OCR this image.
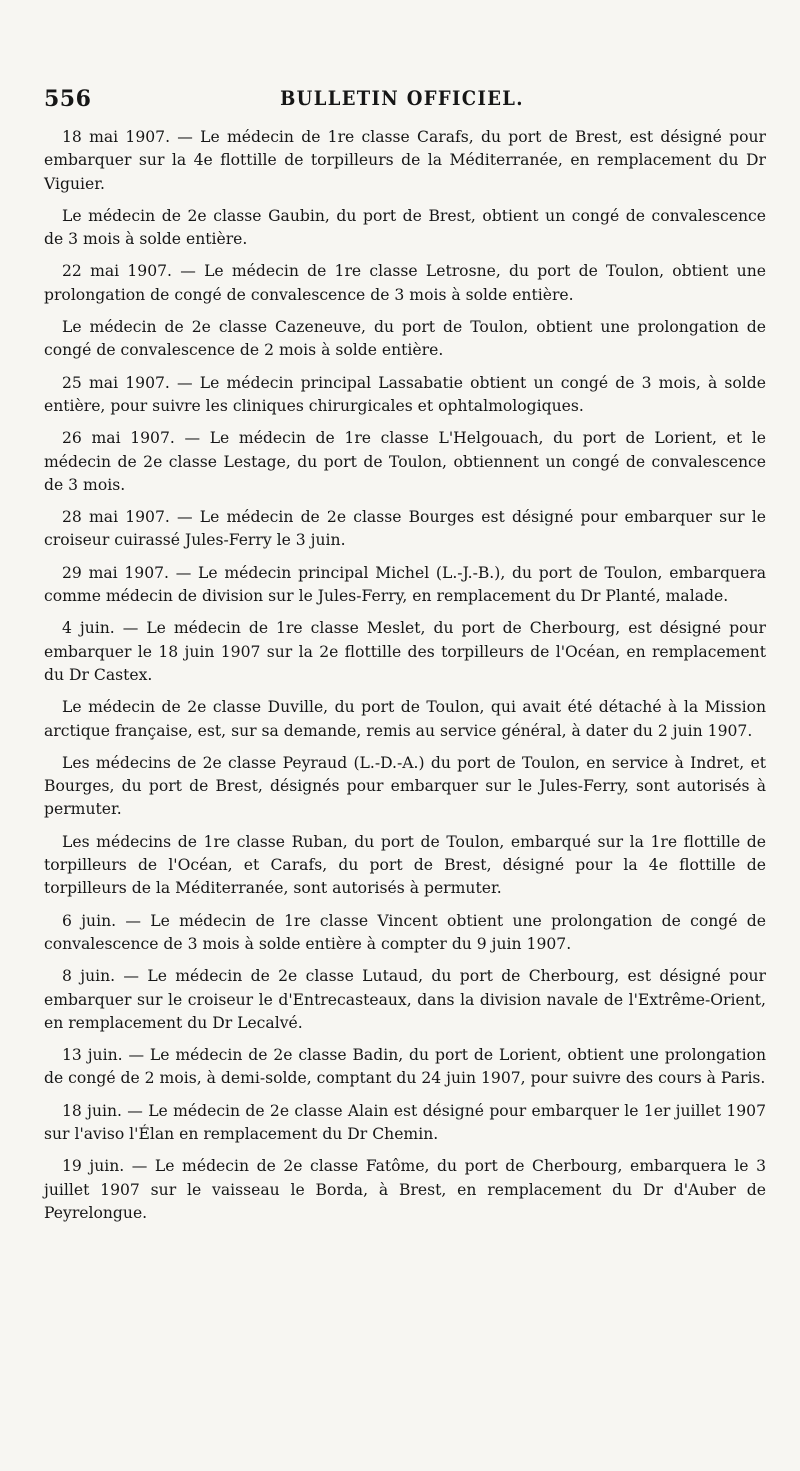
556	BULLETIN OFFICIEL.

18 mai 1907. — Le médecin de 1re classe Carafs, du port de Brest, est désigné pour embarquer sur la 4e flottille de torpilleurs de la Méditerranée, en remplacement du Dr Viguier.

Le médecin de 2e classe Gaubin, du port de Brest, obtient un congé de convalescence de 3 mois à solde entière.

22 mai 1907. — Le médecin de 1re classe Letrosne, du port de Toulon, obtient une prolongation de congé de convalescence de 3 mois à solde entière.

Le médecin de 2e classe Cazeneuve, du port de Toulon, obtient une prolongation de congé de convalescence de 2 mois à solde entière.

25 mai 1907. — Le médecin principal Lassabatie obtient un congé de 3 mois, à solde entière, pour suivre les cliniques chirurgicales et ophtalmologiques.

26 mai 1907. — Le médecin de 1re classe L'Helgouach, du port de Lorient, et le médecin de 2e classe Lestage, du port de Toulon, obtiennent un congé de convalescence de 3 mois.

28 mai 1907. — Le médecin de 2e classe Bourges est désigné pour embarquer sur le croiseur cuirassé Jules-Ferry le 3 juin.

29 mai 1907. — Le médecin principal Michel (L.-J.-B.), du port de Toulon, embarquera comme médecin de division sur le Jules-Ferry, en remplacement du Dr Planté, malade.

4 juin. — Le médecin de 1re classe Meslet, du port de Cherbourg, est désigné pour embarquer le 18 juin 1907 sur la 2e flottille des torpilleurs de l'Océan, en remplacement du Dr Castex.

Le médecin de 2e classe Duville, du port de Toulon, qui avait été détaché à la Mission arctique française, est, sur sa demande, remis au service général, à dater du 2 juin 1907.

Les médecins de 2e classe Peyraud (L.-D.-A.) du port de Toulon, en service à Indret, et Bourges, du port de Brest, désignés pour embarquer sur le Jules-Ferry, sont autorisés à permuter.

Les médecins de 1re classe Ruban, du port de Toulon, embarqué sur la 1re flottille de torpilleurs de l'Océan, et Carafs, du port de Brest, désigné pour la 4e flottille de torpilleurs de la Méditerranée, sont autorisés à permuter.

6 juin. — Le médecin de 1re classe Vincent obtient une prolongation de congé de convalescence de 3 mois à solde entière à compter du 9 juin 1907.

8 juin. — Le médecin de 2e classe Lutaud, du port de Cherbourg, est désigné pour embarquer sur le croiseur le d'Entrecasteaux, dans la division navale de l'Extrême-Orient, en remplacement du Dr Lecalvé.

13 juin. — Le médecin de 2e classe Badin, du port de Lorient, obtient une prolongation de congé de 2 mois, à demi-solde, comptant du 24 juin 1907, pour suivre des cours à Paris.

18 juin. — Le médecin de 2e classe Alain est désigné pour embarquer le 1er juillet 1907 sur l'aviso l'Élan en remplacement du Dr Chemin.

19 juin. — Le médecin de 2e classe Fatôme, du port de Cherbourg, embarquera le 3 juillet 1907 sur le vaisseau le Borda, à Brest, en remplacement du Dr d'Auber de Peyrelongue.
